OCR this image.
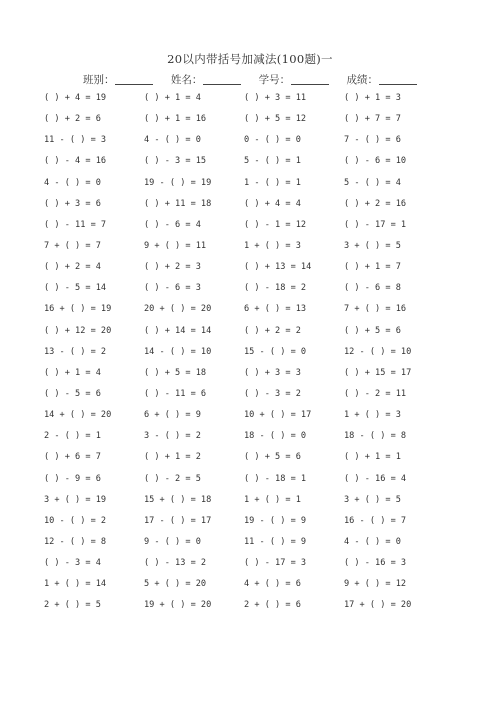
20以内带括号加减法(100题)一
班别：	姓名：	学号：	成绩：
( ) + 4 = 19	( ) + 1 = 4	( ) + 3 = 11	( ) + 1 = 3
( ) + 2 = 6	( ) + 1 = 16	( ) + 5 = 12	( ) + 7 = 7
11 - ( ) = 3	4 - ( ) = 0	0 - ( ) = 0	7 - ( ) = 6
( ) - 4 = 16	( ) - 3 = 15	5 - ( ) = 1	( ) - 6 = 10
4 - ( ) = 0	19 - ( ) = 19	1 - ( ) = 1	5 - ( ) = 4
( ) + 3 = 6	( ) + 11 = 18	( ) + 4 = 4	( ) + 2 = 16
( ) - 11 = 7	( ) - 6 = 4	( ) - 1 = 12	( ) - 17 = 1
7 + ( ) = 7	9 + ( ) = 11	1 + ( ) = 3	3 + ( ) = 5
( ) + 2 = 4	( ) + 2 = 3	( ) + 13 = 14	( ) + 1 = 7
( ) - 5 = 14	( ) - 6 = 3	( ) - 18 = 2	( ) - 6 = 8
16 + ( ) = 19	20 + ( ) = 20	6 + ( ) = 13	7 + ( ) = 16
( ) + 12 = 20	( ) + 14 = 14	( ) + 2 = 2	( ) + 5 = 6
13 - ( ) = 2	14 - ( ) = 10	15 - ( ) = 0	12 - ( ) = 10
( ) + 1 = 4	( ) + 5 = 18	( ) + 3 = 3	( ) + 15 = 17
( ) - 5 = 6	( ) - 11 = 6	( ) - 3 = 2	( ) - 2 = 11
14 + ( ) = 20	6 + ( ) = 9	10 + ( ) = 17	1 + ( ) = 3
2 - ( ) = 1	3 - ( ) = 2	18 - ( ) = 0	18 - ( ) = 8
( ) + 6 = 7	( ) + 1 = 2	( ) + 5 = 6	( ) + 1 = 1
( ) - 9 = 6	( ) - 2 = 5	( ) - 18 = 1	( ) - 16 = 4
3 + ( ) = 19	15 + ( ) = 18	1 + ( ) = 1	3 + ( ) = 5
10 - ( ) = 2	17 - ( ) = 17	19 - ( ) = 9	16 - ( ) = 7
12 - ( ) = 8	9 - ( ) = 0	11 - ( ) = 9	4 - ( ) = 0
( ) - 3 = 4	( ) - 13 = 2	( ) - 17 = 3	( ) - 16 = 3
1 + ( ) = 14	5 + ( ) = 20	4 + ( ) = 6	9 + ( ) = 12
2 + ( ) = 5	19 + ( ) = 20	2 + ( ) = 6	17 + ( ) = 20
